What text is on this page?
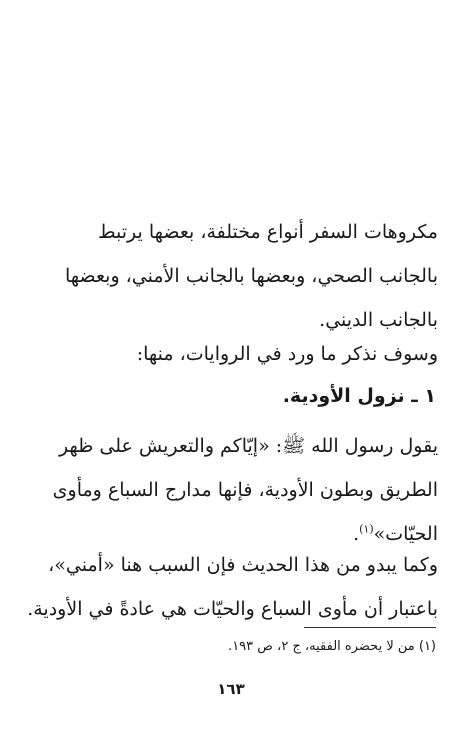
مكروهات السفر أنواع مختلفة، بعضها يرتبط
بالجانب الصحي، وبعضها بالجانب الأمني، وبعضها
بالجانب الديني.
وسوف نذكر ما ورد في الروايات، منها:
١ ـ نزول الأودية.
يقول رسول الله ﷺ: «إيّاكم والتعريش على ظهر
الطريق وبطون الأودية، فإنها مدارج السباع ومأوى
الحيّات»$^{(١)}$.
وكما يبدو من هذا الحديث فإن السبب هنا «أمني»،
باعتبار أن مأوى السباع والحيّات هي عادةً في الأودية.
(١) من لا يحضره الفقيه، ج ٢، ص ١٩٣.
١٦٣
